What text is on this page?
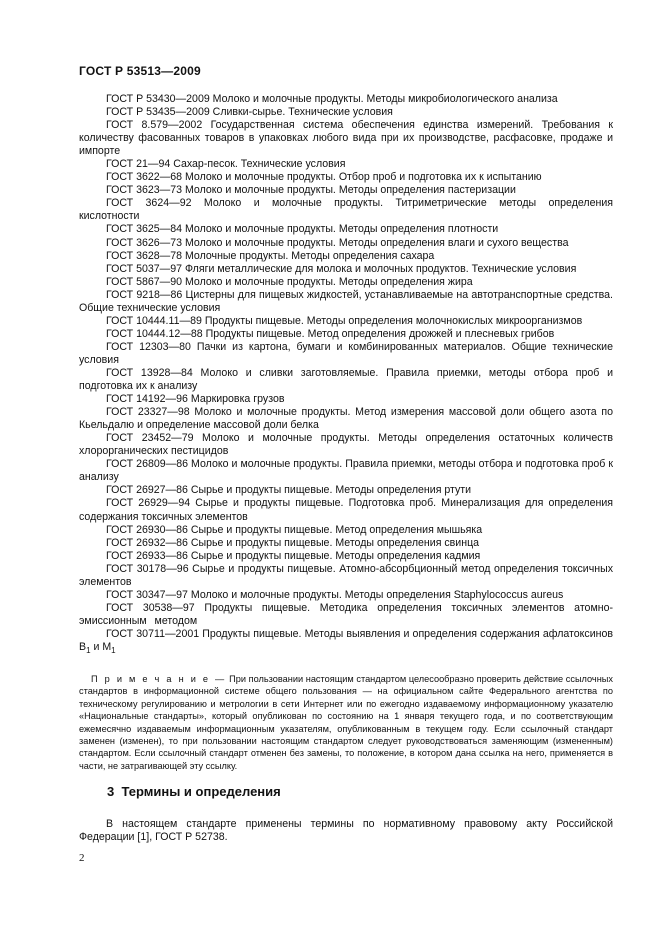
ГОСТ Р 53513—2009

ГОСТ Р 53430—2009 Молоко и молочные продукты. Методы микробиологического анализа

ГОСТ Р 53435—2009 Сливки-сырье. Технические условия

ГОСТ 8.579—2002 Государственная система обеспечения единства измерений. Требования к количеству фасованных товаров в упаковках любого вида при их производстве, расфасовке, продаже и импорте

ГОСТ 21—94 Сахар-песок. Технические условия

ГОСТ 3622—68 Молоко и молочные продукты. Отбор проб и подготовка их к испытанию

ГОСТ 3623—73 Молоко и молочные продукты. Методы определения пастеризации

ГОСТ 3624—92 Молоко и молочные продукты. Титриметрические методы определения кислотности

ГОСТ 3625—84 Молоко и молочные продукты. Методы определения плотности

ГОСТ 3626—73 Молоко и молочные продукты. Методы определения влаги и сухого вещества

ГОСТ 3628—78 Молочные продукты. Методы определения сахара

ГОСТ 5037—97 Фляги металлические для молока и молочных продуктов. Технические условия

ГОСТ 5867—90 Молоко и молочные продукты. Методы определения жира

ГОСТ 9218—86 Цистерны для пищевых жидкостей, устанавливаемые на автотранспортные средства. Общие технические условия

ГОСТ 10444.11—89 Продукты пищевые. Методы определения молочнокислых микроорганизмов

ГОСТ 10444.12—88 Продукты пищевые. Метод определения дрожжей и плесневых грибов

ГОСТ 12303—80 Пачки из картона, бумаги и комбинированных материалов. Общие технические условия

ГОСТ 13928—84 Молоко и сливки заготовляемые. Правила приемки, методы отбора проб и подготовка их к анализу

ГОСТ 14192—96 Маркировка грузов

ГОСТ 23327—98 Молоко и молочные продукты. Метод измерения массовой доли общего азота по Кьельдалю и определение массовой доли белка

ГОСТ 23452—79 Молоко и молочные продукты. Методы определения остаточных количеств хлорорганических пестицидов

ГОСТ 26809—86 Молоко и молочные продукты. Правила приемки, методы отбора и подготовка проб к анализу

ГОСТ 26927—86 Сырье и продукты пищевые. Методы определения ртути

ГОСТ 26929—94 Сырье и продукты пищевые. Подготовка проб. Минерализация для определения содержания токсичных элементов

ГОСТ 26930—86 Сырье и продукты пищевые. Метод определения мышьяка

ГОСТ 26932—86 Сырье и продукты пищевые. Методы определения свинца

ГОСТ 26933—86 Сырье и продукты пищевые. Методы определения кадмия

ГОСТ 30178—96 Сырье и продукты пищевые. Атомно-абсорбционный метод определения токсичных элементов

ГОСТ 30347—97 Молоко и молочные продукты. Методы определения Staphylococcus aureus

ГОСТ 30538—97 Продукты пищевые. Методика определения токсичных элементов атомно-эмиссионным методом

ГОСТ 30711—2001 Продукты пищевые. Методы выявления и определения содержания афлатоксинов $B_1$ и $M_1$

П р и м е ч а н и е — При пользовании настоящим стандартом целесообразно проверить действие ссылочных стандартов в информационной системе общего пользования — на официальном сайте Федерального агентства по техническому регулированию и метрологии в сети Интернет или по ежегодно издаваемому информационному указателю «Национальные стандарты», который опубликован по состоянию на 1 января текущего года, и по соответствующим ежемесячно издаваемым информационным указателям, опубликованным в текущем году. Если ссылочный стандарт заменен (изменен), то при пользовании настоящим стандартом следует руководствоваться заменяющим (измененным) стандартом. Если ссылочный стандарт отменен без замены, то положение, в котором дана ссылка на него, применяется в части, не затрагивающей эту ссылку.
3 Термины и определения
В настоящем стандарте применены термины по нормативному правовому акту Российской Федерации [1], ГОСТ Р 52738.
2
